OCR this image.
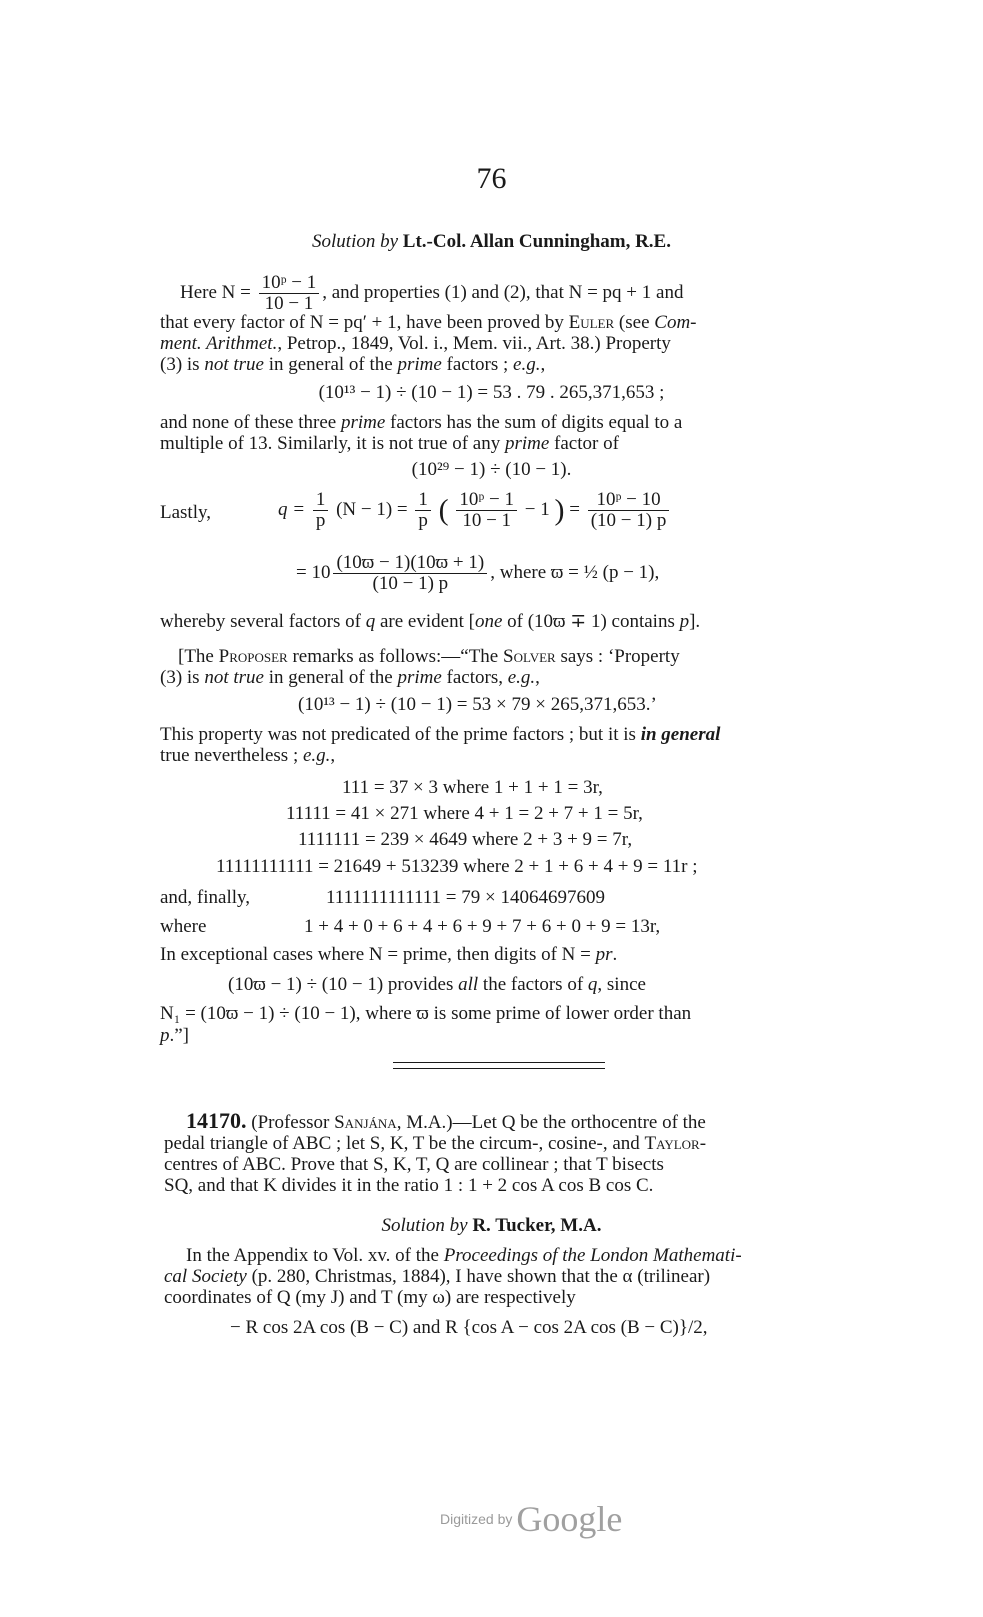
76
Solution by Lt.-Col. Allan Cunningham, R.E.
Here $N = \frac{\text{10ᵖ − 1}}{10 - 1}$ , and properties (1) and (2), that N = pq + 1 and
that every factor of N = pq′ + 1, have been proved by Euler (see Com-
ment. Arithmet., Petrop., 1849, Vol. i., Mem. vii., Art. 38.) Property
(3) is not true in general of the prime factors ; e.g.,
(10¹³ − 1) ÷ (10 − 1) = 53 . 79 . 265,371,653 ;
and none of these three prime factors has the sum of digits equal to a
multiple of 13. Similarly, it is not true of any prime factor of
(10²⁹ − 1) ÷ (10 − 1).
Lastly,	$q = \frac{1}{p} (N - 1) = \frac{1}{p}$ ( $\frac{\text{10ᵖ − 1}}{10 - 1} - 1$ ) = $\frac{\text{10ᵖ − 10}}{(10 - 1) p}$
= $10 \frac{(10ϖ - 1)(10ϖ + 1)}{(10 - 1) p}$ , where ϖ = ½ (p − 1),
whereby several factors of q are evident [one of (10ϖ ∓ 1) contains p].
[The Proposer remarks as follows:—“The Solver says : ‘Property
(3) is not true in general of the prime factors, e.g.,
(10¹³ − 1) ÷ (10 − 1) = 53 × 79 × 265,371,653.’
This property was not predicated of the prime factors ; but it is in general
true nevertheless ; e.g.,
111 = 37 × 3 where 1 + 1 + 1 = 3r,
11111 = 41 × 271 where 4 + 1 = 2 + 7 + 1 = 5r,
1111111 = 239 × 4649 where 2 + 3 + 9 = 7r,
11111111111 = 21649 + 513239 where 2 + 1 + 6 + 4 + 9 = 11r ;
and, finally,	1111111111111 = 79 × 14064697609
where	1 + 4 + 0 + 6 + 4 + 6 + 9 + 7 + 6 + 0 + 9 = 13r,
In exceptional cases where N = prime, then digits of N = pr.
(10ϖ − 1) ÷ (10 − 1) provides all the factors of q, since
N₁ = (10ϖ − 1) ÷ (10 − 1), where ϖ is some prime of lower order than
p.”]
14170. (Professor Sanjána, M.A.)—Let Q be the orthocentre of the
pedal triangle of ABC ; let S, K, T be the circum-, cosine-, and Taylor-
centres of ABC. Prove that S, K, T, Q are collinear ; that T bisects
SQ, and that K divides it in the ratio 1 : 1 + 2 cos A cos B cos C.
Solution by R. Tucker, M.A.
In the Appendix to Vol. xv. of the Proceedings of the London Mathemati-
cal Society (p. 280, Christmas, 1884), I have shown that the α (trilinear)
coordinates of Q (my J) and T (my ω) are respectively
− R cos 2A cos (B − C) and R {cos A − cos 2A cos (B − C)}/2,
Digitized by Google
